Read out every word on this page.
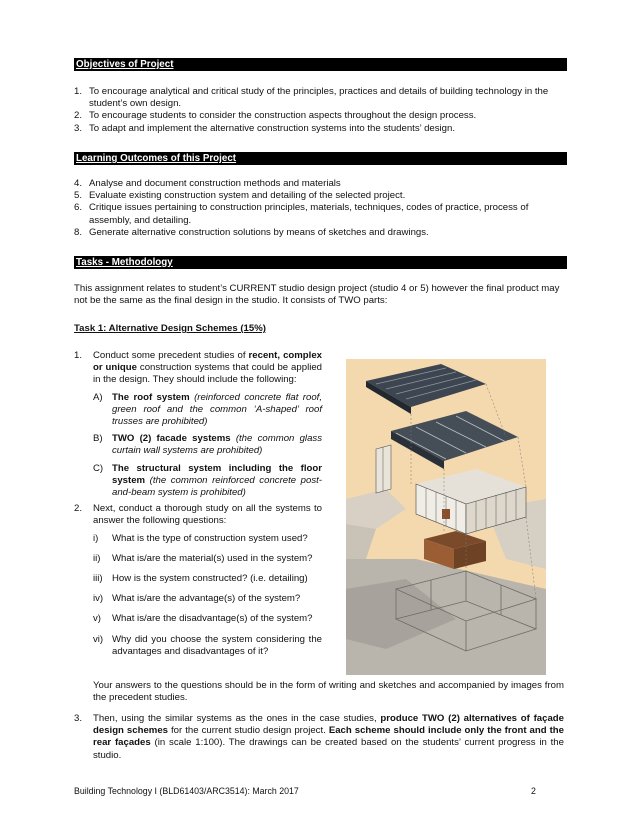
Objectives of Project
1. To encourage analytical and critical study of the principles, practices and details of building technology in the student’s own design.
2. To encourage students to consider the construction aspects throughout the design process.
3. To adapt and implement the alternative construction systems into the students’ design.
Learning Outcomes of this Project
4. Analyse and document construction methods and materials
5. Evaluate existing construction system and detailing of the selected project.
6. Critique issues pertaining to construction principles, materials, techniques, codes of practice, process of assembly, and detailing.
8. Generate alternative construction solutions by means of sketches and drawings.
Tasks - Methodology
This assignment relates to student’s CURRENT studio design project (studio 4 or 5) however the final product may not be the same as the final design in the studio. It consists of TWO parts:
Task 1: Alternative Design Schemes (15%)
1. Conduct some precedent studies of recent, complex or unique construction systems that could be applied in the design. They should include the following:
A) The roof system (reinforced concrete flat roof, green roof and the common ‘A-shaped’ roof trusses are prohibited)
B) TWO (2) facade systems (the common glass curtain wall systems are prohibited)
C) The structural system including the floor system (the common reinforced concrete post-and-beam system is prohibited)
2. Next, conduct a thorough study on all the systems to answer the following questions:
i) What is the type of construction system used?
ii) What is/are the material(s) used in the system?
iii) How is the system constructed? (i.e. detailing)
iv) What is/are the advantage(s) of the system?
v) What is/are the disadvantage(s) of the system?
vi) Why did you choose the system considering the advantages and disadvantages of it?
Your answers to the questions should be in the form of writing and sketches and accompanied by images from the precedent studies.
3. Then, using the similar systems as the ones in the case studies, produce TWO (2) alternatives of façade design schemes for the current studio design project. Each scheme should include only the front and the rear façades (in scale 1:100). The drawings can be created based on the students’ current progress in the studio.
Building Technology I (BLD61403/ARC3514): March 2017	2
